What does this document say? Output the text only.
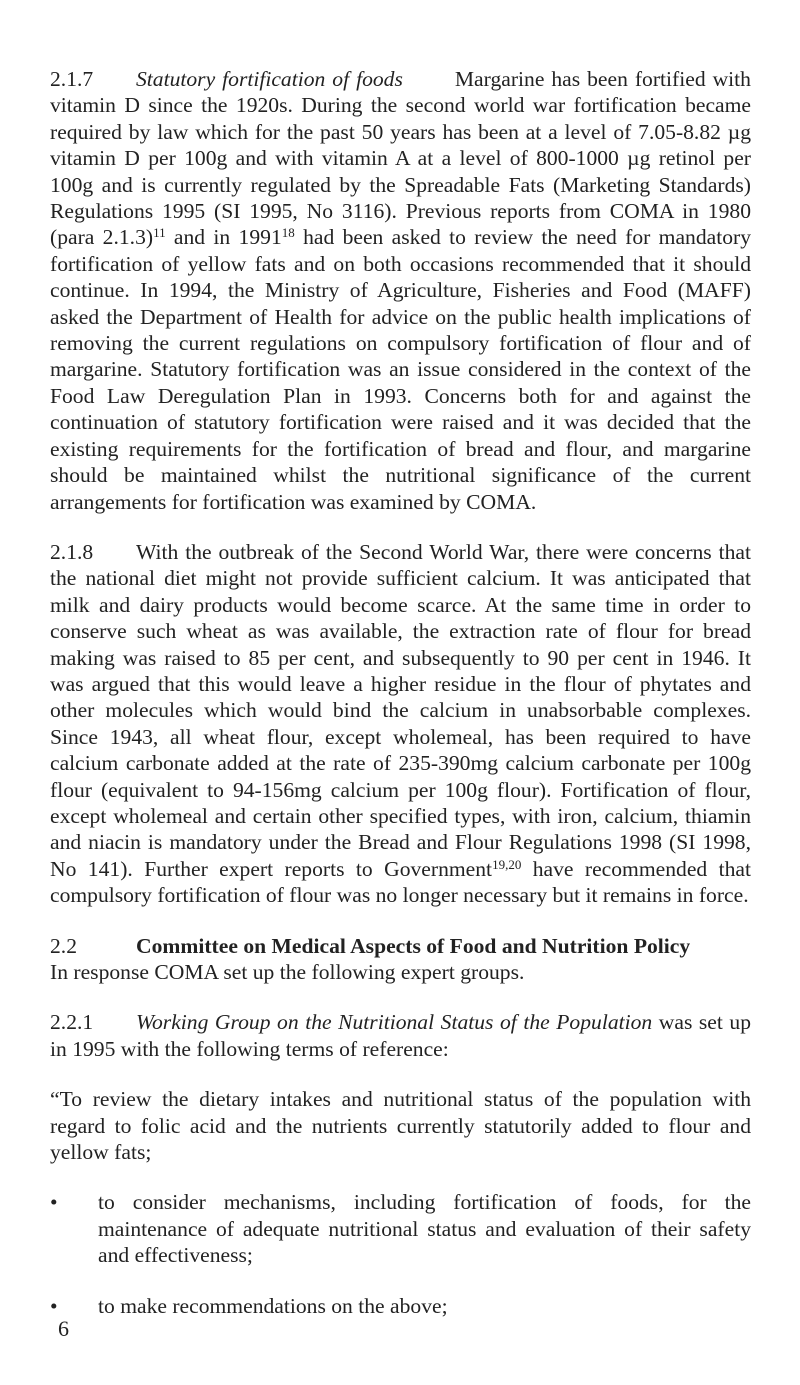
2.1.7 Statutory fortification of foods Margarine has been fortified with vitamin D since the 1920s. During the second world war fortification became required by law which for the past 50 years has been at a level of 7.05-8.82 µg vitamin D per 100g and with vitamin A at a level of 800-1000 µg retinol per 100g and is currently regulated by the Spreadable Fats (Marketing Standards) Regulations 1995 (SI 1995, No 3116). Previous reports from COMA in 1980 (para 2.1.3)$^{11}$ and in 1991$^{18}$ had been asked to review the need for mandatory fortification of yellow fats and on both occasions recommended that it should continue. In 1994, the Ministry of Agriculture, Fisheries and Food (MAFF) asked the Department of Health for advice on the public health implications of removing the current regulations on compulsory fortification of flour and of margarine. Statutory fortification was an issue considered in the context of the Food Law Deregulation Plan in 1993. Concerns both for and against the continuation of statutory fortification were raised and it was decided that the existing requirements for the fortification of bread and flour, and margarine should be maintained whilst the nutritional significance of the current arrangements for fortification was examined by COMA.

2.1.8 With the outbreak of the Second World War, there were concerns that the national diet might not provide sufficient calcium. It was anticipated that milk and dairy products would become scarce. At the same time in order to conserve such wheat as was available, the extraction rate of flour for bread making was raised to 85 per cent, and subsequently to 90 per cent in 1946. It was argued that this would leave a higher residue in the flour of phytates and other molecules which would bind the calcium in unabsorbable complexes. Since 1943, all wheat flour, except wholemeal, has been required to have calcium carbonate added at the rate of 235-390mg calcium carbonate per 100g flour (equivalent to 94-156mg calcium per 100g flour). Fortification of flour, except wholemeal and certain other specified types, with iron, calcium, thiamin and niacin is mandatory under the Bread and Flour Regulations 1998 (SI 1998, No 141). Further expert reports to Government$^{19,20}$ have recommended that compulsory fortification of flour was no longer necessary but it remains in force.

2.2	Committee on Medical Aspects of Food and Nutrition Policy
In response COMA set up the following expert groups.

2.2.1 Working Group on the Nutritional Status of the Population was set up in 1995 with the following terms of reference:

“To review the dietary intakes and nutritional status of the population with regard to folic acid and the nutrients currently statutorily added to flour and yellow fats;

•	to consider mechanisms, including fortification of foods, for the maintenance of adequate nutritional status and evaluation of their safety and effectiveness;

•	to make recommendations on the above;

6
